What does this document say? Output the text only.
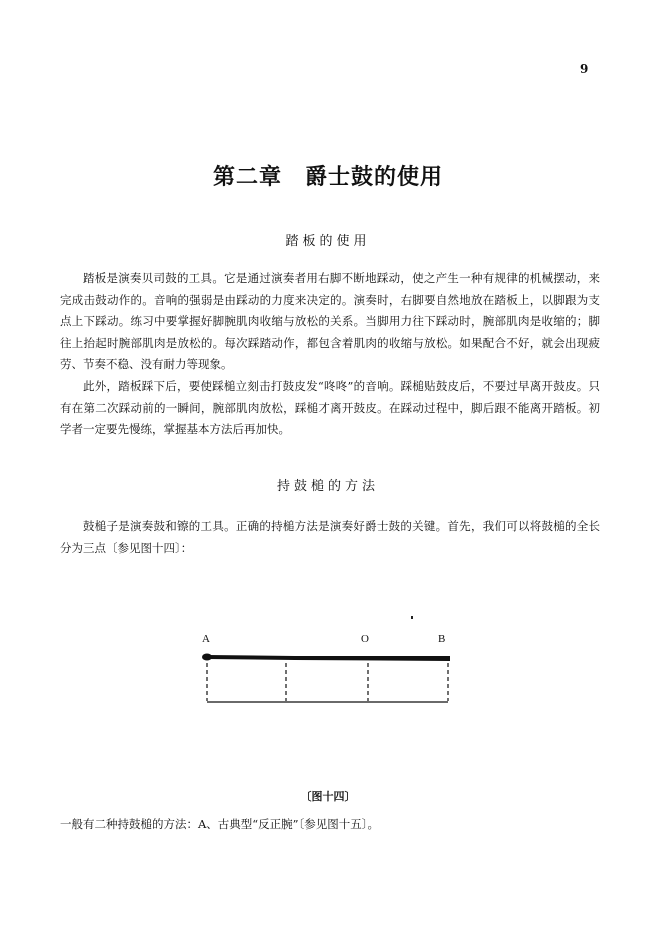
9
第二章　爵士鼓的使用
踏板的使用

踏板是演奏贝司鼓的工具。它是通过演奏者用右脚不断地踩动，使之产生一种有规律的机械摆动，来完成击鼓动作的。音响的强弱是由踩动的力度来决定的。演奏时，右脚要自然地放在踏板上，以脚跟为支点上下踩动。练习中要掌握好脚腕肌肉收缩与放松的关系。当脚用力往下踩动时，腕部肌肉是收缩的；脚往上抬起时腕部肌肉是放松的。每次踩踏动作，都包含着肌肉的收缩与放松。如果配合不好，就会出现疲劳、节奏不稳、没有耐力等现象。

此外，踏板踩下后，要使踩槌立刻击打鼓皮发“咚咚”的音响。踩槌贴鼓皮后，不要过早离开鼓皮。只有在第二次踩动前的一瞬间，腕部肌肉放松，踩槌才离开鼓皮。在踩动过程中，脚后跟不能离开踏板。初学者一定要先慢练，掌握基本方法后再加快。

持鼓槌的方法

鼓槌子是演奏鼓和镲的工具。正确的持槌方法是演奏好爵士鼓的关键。首先，我们可以将鼓槌的全长分为三点〔参见图十四〕：

A	O	B
〔图十四〕

一般有二种持鼓槌的方法：A、古典型“反正腕”〔参见图十五〕。
